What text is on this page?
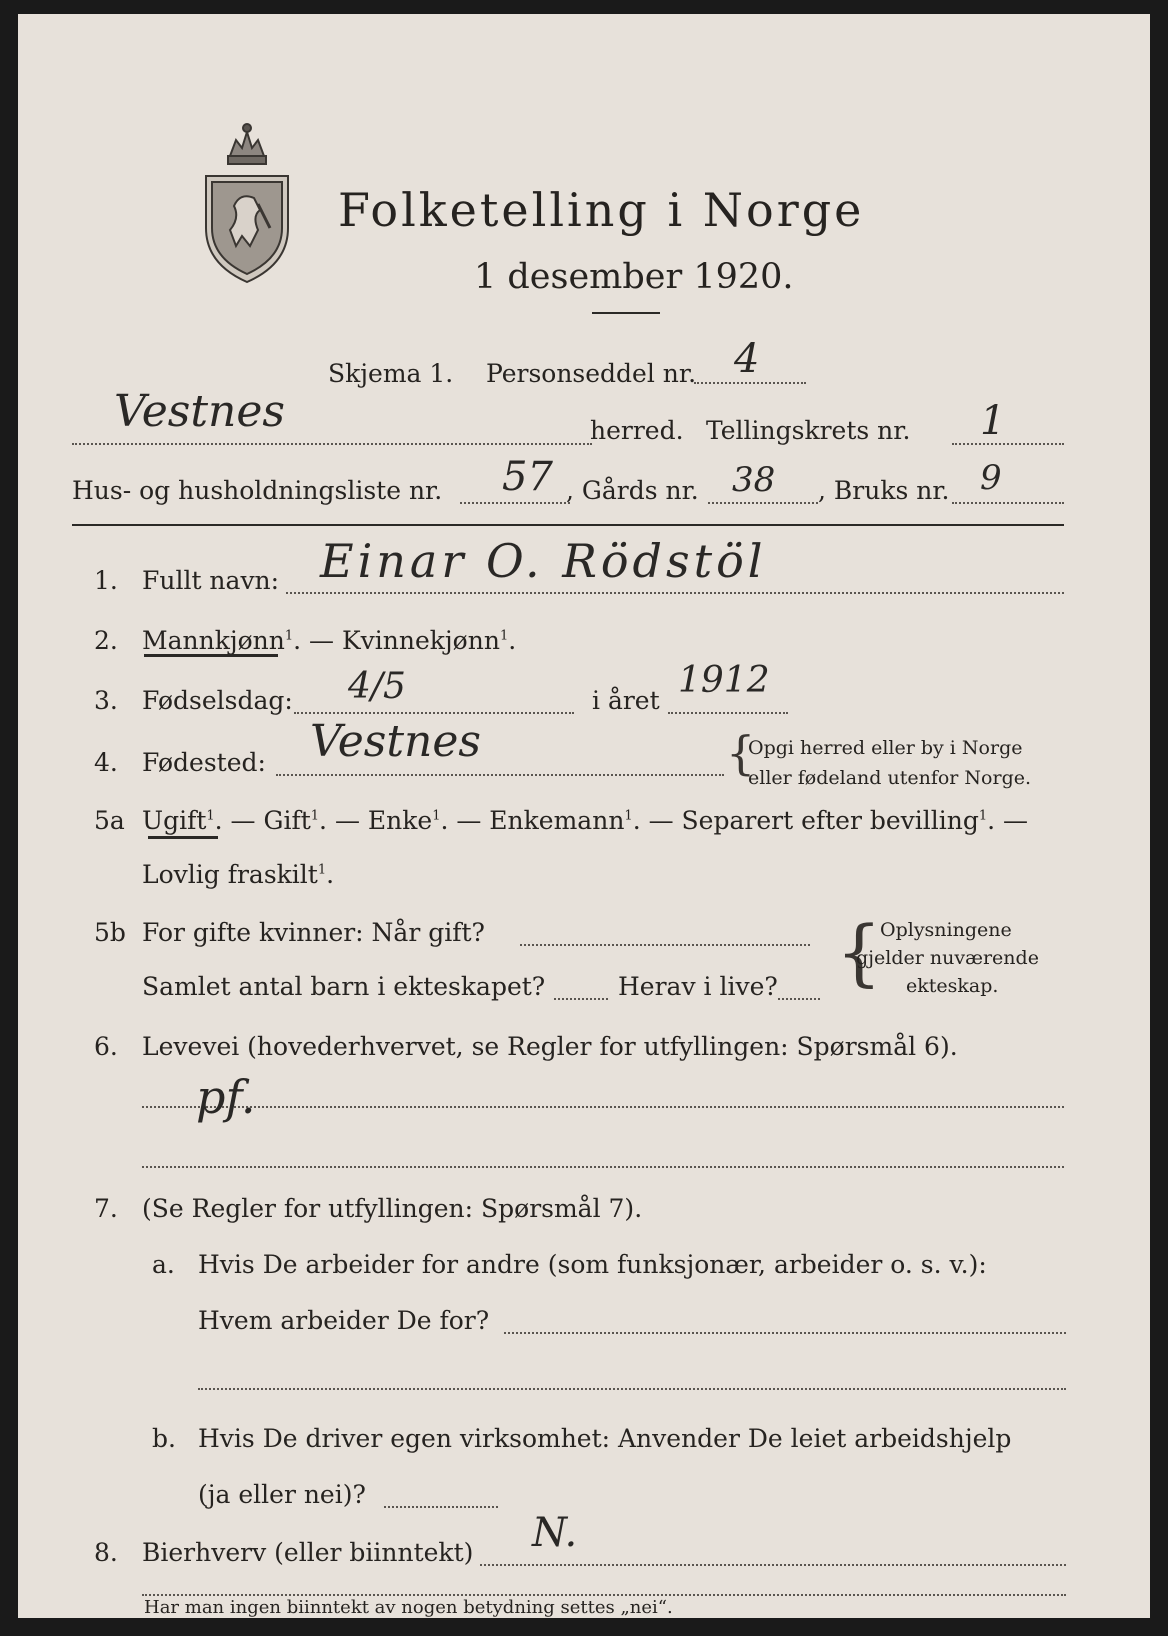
Folketelling i Norge
1 desember 1920.
Skjema 1. Personseddel nr. 4
Vestnes	herred. Tellingskrets nr. 1
Hus- og husholdningsliste nr. 57 , Gårds nr. 38 , Bruks nr. 9
1. Fullt navn: Einar O. Rödstöl
2. Mannkjønn$^1$. — Kvinnekjønn$^1$.
3. Fødselsdag: 4/5	i året 1912
4. Fødested: Vestnes	{
Opgi herred eller by i Norge
eller fødeland utenfor Norge.
5a Ugift$^1$. — Gift$^1$. — Enke$^1$. — Enkemann$^1$. — Separert efter bevilling$^1$. —
Lovlig fraskilt$^1$.
5b For gifte kvinner: Når gift?
Samlet antal barn i ekteskapet?	Herav i live? {
Oplysningene
gjelder nuværende
ekteskap.
6. Levevei (hovederhvervet, se Regler for utfyllingen: Spørsmål 6).
pf.
7. (Se Regler for utfyllingen: Spørsmål 7).
a. Hvis De arbeider for andre (som funksjonær, arbeider o. s. v.):
Hvem arbeider De for?
b. Hvis De driver egen virksomhet: Anvender De leiet arbeidshjelp
(ja eller nei)?
8. Bierhverv (eller biinntekt) N.
Har man ingen biinntekt av nogen betydning settes „nei“.
